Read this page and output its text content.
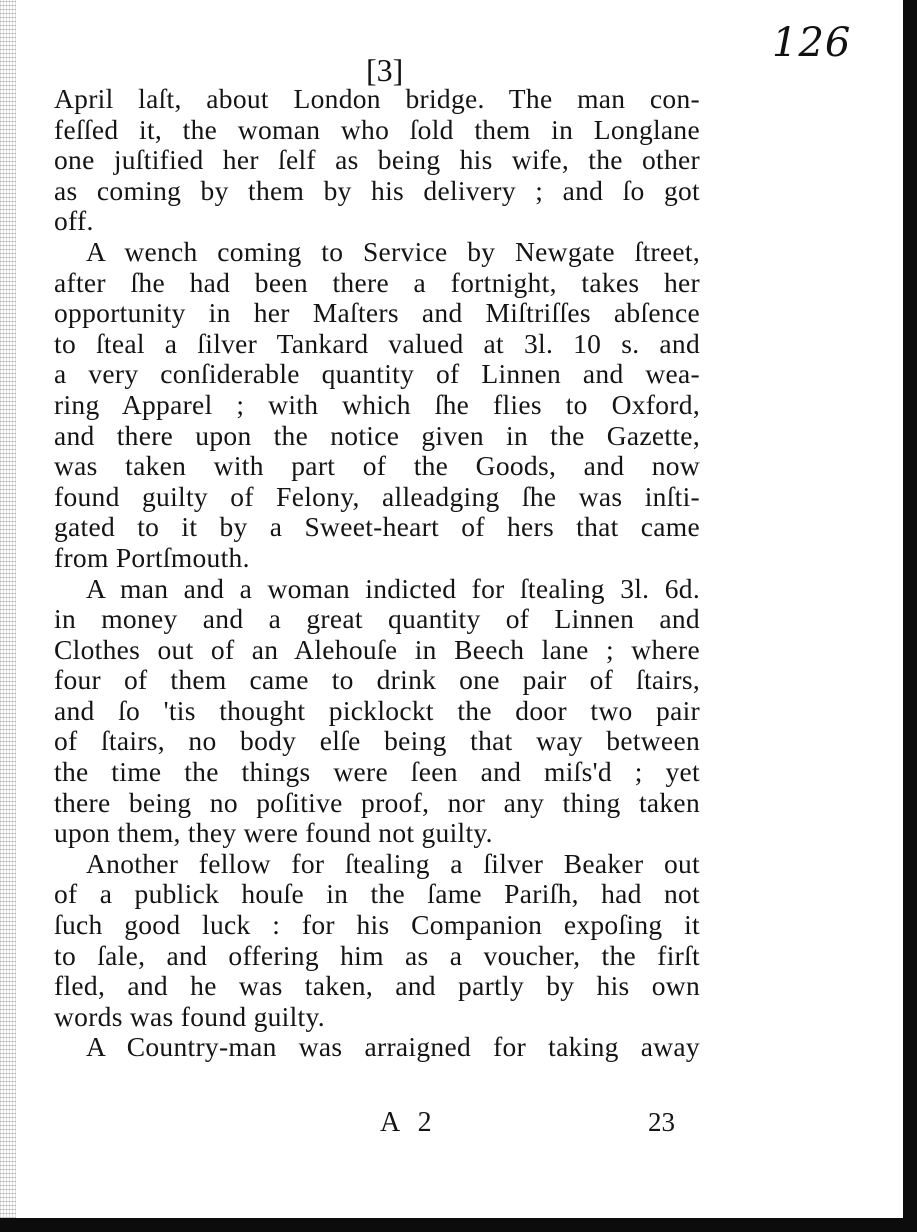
126
[3]
April laſt, about London bridge. The man con-
feſſed it, the woman who ſold them in Longlane
one juſtified her ſelf as being his wife, the other
as coming by them by his delivery ; and ſo got
off.
A wench coming to Service by Newgate ſtreet,
after ſhe had been there a fortnight, takes her
opportunity in her Maſters and Miſtriſſes abſence
to ſteal a ſilver Tankard valued at 3l. 10 s. and
a very conſiderable quantity of Linnen and wea-
ring Apparel ; with which ſhe flies to Oxford,
and there upon the notice given in the Gazette,
was taken with part of the Goods, and now
found guilty of Felony, alleadging ſhe was inſti-
gated to it by a Sweet-heart of hers that came
from Portſmouth.
A man and a woman indicted for ſtealing 3l. 6d.
in money and a great quantity of Linnen and
Clothes out of an Alehouſe in Beech lane ; where
four of them came to drink one pair of ſtairs,
and ſo 'tis thought picklockt the door two pair
of ſtairs, no body elſe being that way between
the time the things were ſeen and miſs'd ; yet
there being no poſitive proof, nor any thing taken
upon them, they were found not guilty.
Another fellow for ſtealing a ſilver Beaker out
of a publick houſe in the ſame Pariſh, had not
ſuch good luck : for his Companion expoſing it
to ſale, and offering him as a voucher, the firſt
fled, and he was taken, and partly by his own
words was found guilty.
A Country-man was arraigned for taking away
A 2	23
